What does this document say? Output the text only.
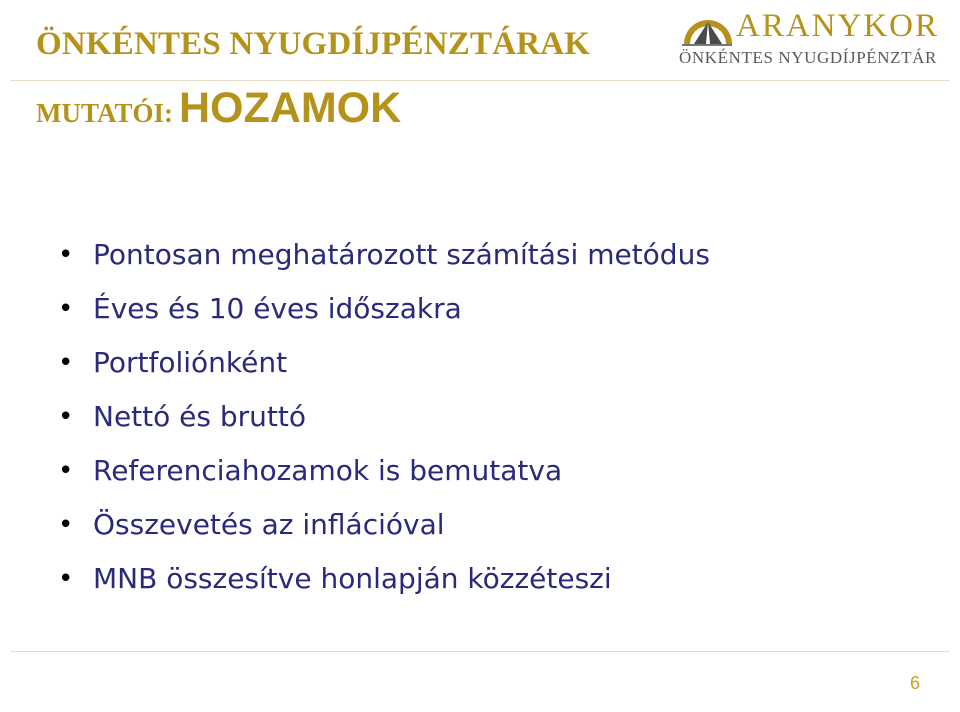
ÖNKÉNTES NYUGDÍJPÉNZTÁRAK
MUTATÓI: HOZAMOK
ARANYKOR
ÖNKÉNTES NYUGDÍJPÉNZTÁR
• Pontosan meghatározott számítási metódus
• Éves és 10 éves időszakra
• Portfoliónként
• Nettó és bruttó
• Referenciahozamok is bemutatva
• Összevetés az inflációval
• MNB összesítve honlapján közzéteszi
6
